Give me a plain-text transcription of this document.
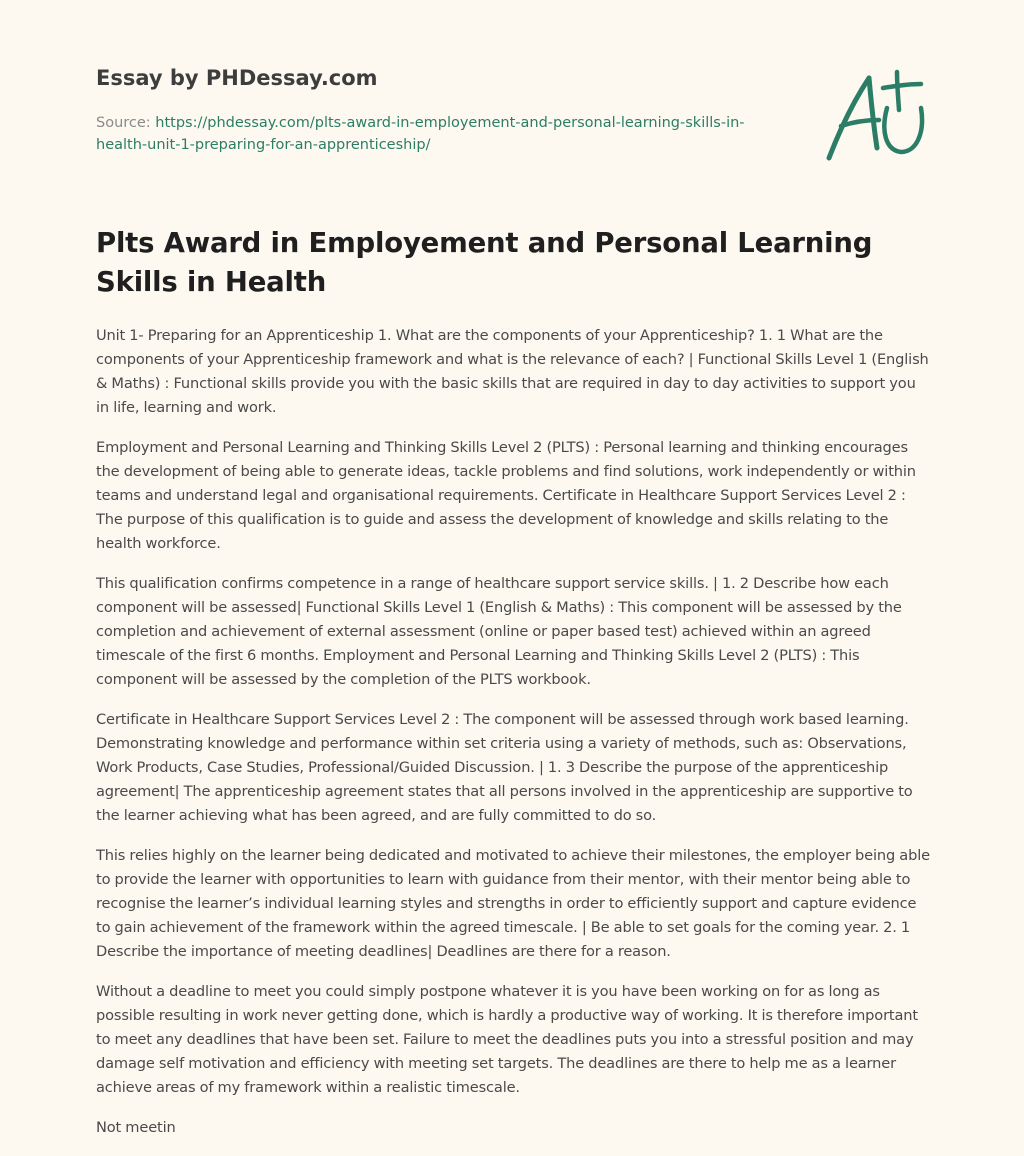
Essay by PHDessay.com
Source: https://phdessay.com/plts-award-in-employement-and-personal-learning-skills-in-health-unit-1-preparing-for-an-apprenticeship/
Plts Award in Employement and Personal Learning Skills in Health

Unit 1- Preparing for an Apprenticeship 1. What are the components of your Apprenticeship? 1. 1 What are the components of your Apprenticeship framework and what is the relevance of each? | Functional Skills Level 1 (English & Maths) : Functional skills provide you with the basic skills that are required in day to day activities to support you in life, learning and work.

Employment and Personal Learning and Thinking Skills Level 2 (PLTS) : Personal learning and thinking encourages the development of being able to generate ideas, tackle problems and find solutions, work independently or within teams and understand legal and organisational requirements. Certificate in Healthcare Support Services Level 2 : The purpose of this qualification is to guide and assess the development of knowledge and skills relating to the health workforce.

This qualification confirms competence in a range of healthcare support service skills. | 1. 2 Describe how each component will be assessed| Functional Skills Level 1 (English & Maths) : This component will be assessed by the completion and achievement of external assessment (online or paper based test) achieved within an agreed timescale of the first 6 months. Employment and Personal Learning and Thinking Skills Level 2 (PLTS) : This component will be assessed by the completion of the PLTS workbook.

Certificate in Healthcare Support Services Level 2 : The component will be assessed through work based learning. Demonstrating knowledge and performance within set criteria using a variety of methods, such as: Observations, Work Products, Case Studies, Professional/Guided Discussion. | 1. 3 Describe the purpose of the apprenticeship agreement| The apprenticeship agreement states that all persons involved in the apprenticeship are supportive to the learner achieving what has been agreed, and are fully committed to do so.

This relies highly on the learner being dedicated and motivated to achieve their milestones, the employer being able to provide the learner with opportunities to learn with guidance from their mentor, with their mentor being able to recognise the learner’s individual learning styles and strengths in order to efficiently support and capture evidence to gain achievement of the framework within the agreed timescale. | Be able to set goals for the coming year. 2. 1 Describe the importance of meeting deadlines| Deadlines are there for a reason.

Without a deadline to meet you could simply postpone whatever it is you have been working on for as long as possible resulting in work never getting done, which is hardly a productive way of working. It is therefore important to meet any deadlines that have been set. Failure to meet the deadlines puts you into a stressful position and may damage self motivation and efficiency with meeting set targets. The deadlines are there to help me as a learner achieve areas of my framework within a realistic timescale.

Not meetin
